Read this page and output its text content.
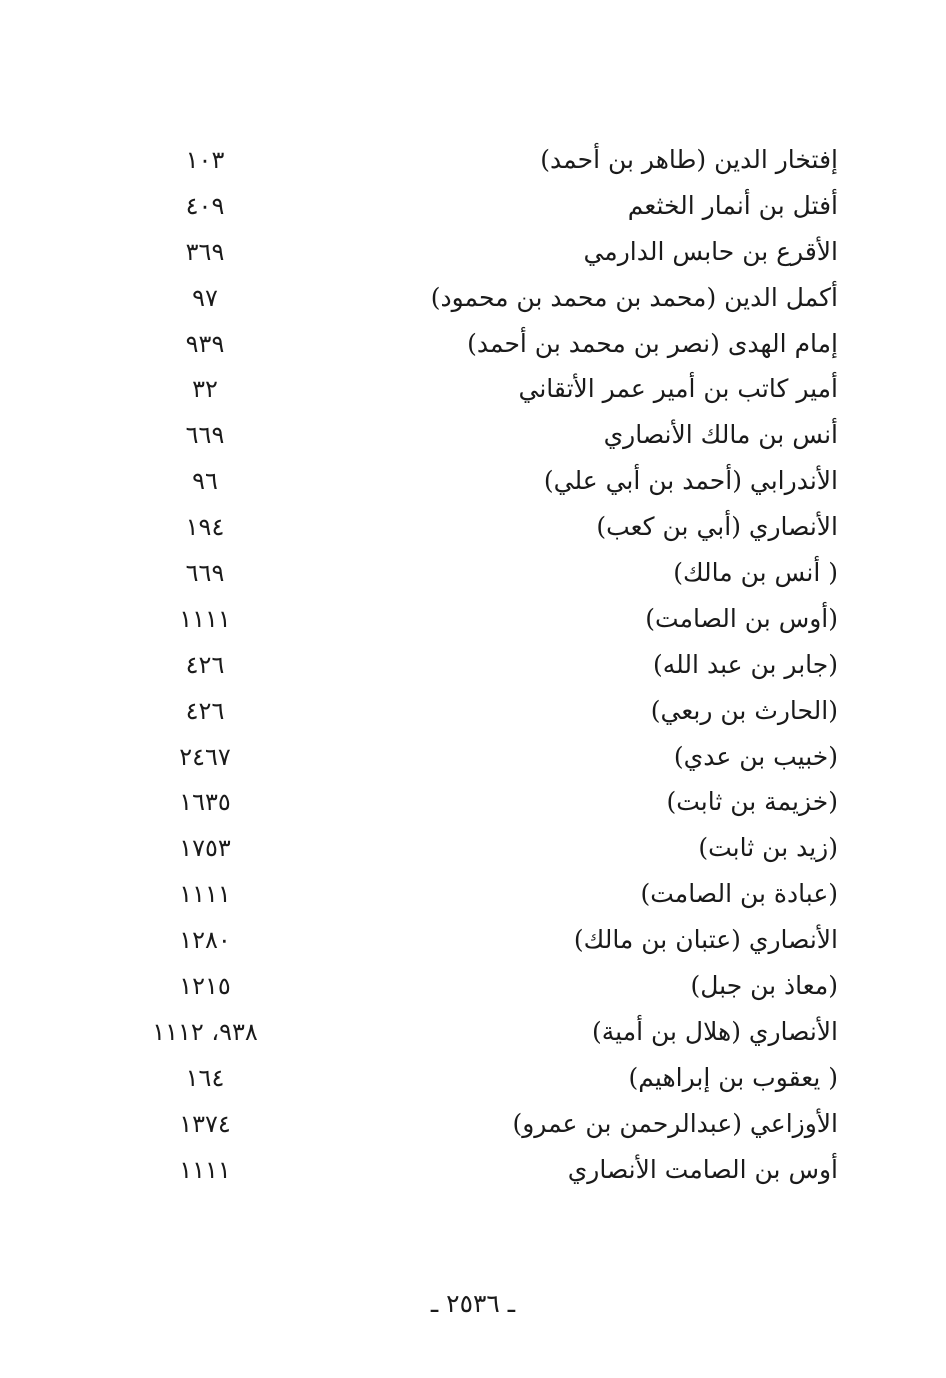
إفتخار الدين (طاهر بن أحمد)
١٠٣
أفتل بن أنمار الخثعم
٤٠٩
الأقرع بن حابس الدارمي
٣٦٩
أكمل الدين (محمد بن محمد بن محمود)
٩٧
إمام الهدى (نصر بن محمد بن أحمد)
٩٣٩
أمير كاتب بن أمير عمر الأتقاني
٣٢
أنس بن مالك الأنصاري
٦٦٩
الأندرابي (أحمد بن أبي علي)
٩٦
الأنصاري (أبي بن كعب)
١٩٤
( أنس بن مالك)
٦٦٩
(أوس بن الصامت)
١١١١
(جابر بن عبد الله)
٤٢٦
(الحارث بن ربعي)
٤٢٦
(خبيب بن عدي)
٢٤٦٧
(خزيمة بن ثابت)
١٦٣٥
(زيد بن ثابت)
١٧٥٣
(عبادة بن الصامت)
١١١١
الأنصاري (عتبان بن مالك)
١٢٨٠
(معاذ بن جبل)
١٢١٥
الأنصاري (هلال بن أمية)
٩٣٨، ١١١٢
( يعقوب بن إبراهيم)
١٦٤
الأوزاعي (عبدالرحمن بن عمرو)
١٣٧٤
أوس بن الصامت الأنصاري
١١١١
ـ ٢٥٣٦ ـ
